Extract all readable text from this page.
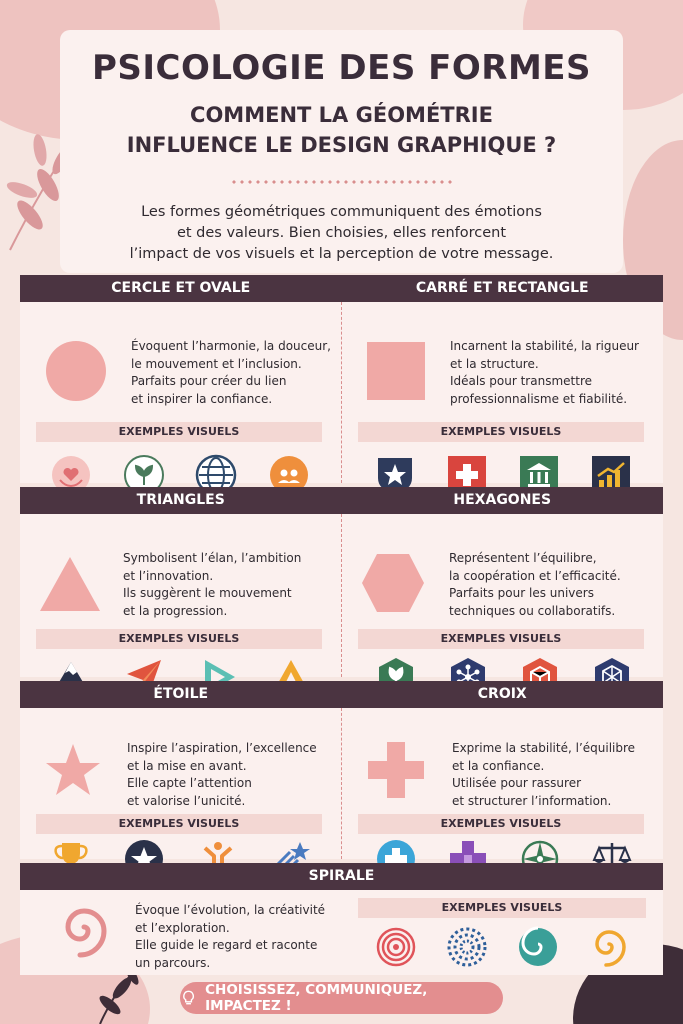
PSICOLOGIE DES FORMES
COMMENT LA GÉOMÉTRIE
INFLUENCE LE DESIGN GRAPHIQUE ?
Les formes géométriques communiquent des émotions
et des valeurs. Bien choisies, elles renforcent
l’impact de vos visuels et la perception de votre message.
CERCLE ET OVALE	CARRÉ ET RECTANGLE
Évoquent l’harmonie, la douceur,
le mouvement et l’inclusion.
Parfaits pour créer du lien
et inspirer la confiance.
EXEMPLES VISUELS
Incarnent la stabilité, la rigueur
et la structure.
Idéals pour transmettre
professionnalisme et fiabilité.
EXEMPLES VISUELS
TRIANGLES	HEXAGONES
Symbolisent l’élan, l’ambition
et l’innovation.
Ils suggèrent le mouvement
et la progression.
EXEMPLES VISUELS
Représentent l’équilibre,
la coopération et l’efficacité.
Parfaits pour les univers
techniques ou collaboratifs.
EXEMPLES VISUELS
ÉTOILE	CROIX
Inspire l’aspiration, l’excellence
et la mise en avant.
Elle capte l’attention
et valorise l’unicité.
EXEMPLES VISUELS
Exprime la stabilité, l’équilibre
et la confiance.
Utilisée pour rassurer
et structurer l’information.
EXEMPLES VISUELS
SPIRALE
Évoque l’évolution, la créativité
et l’exploration.
Elle guide le regard et raconte
un parcours.
EXEMPLES VISUELS
CHOISISSEZ, COMMUNIQUEZ, IMPACTEZ !
